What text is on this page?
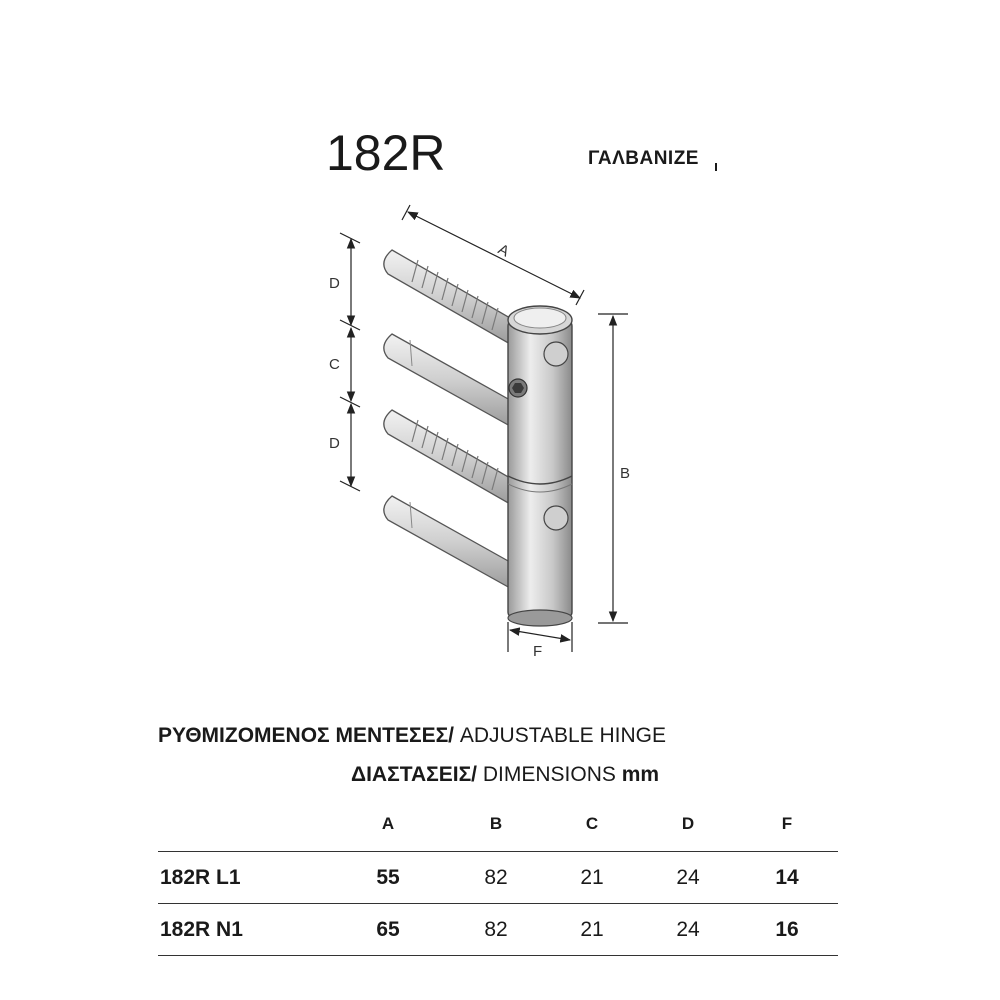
182R	ΓΑΛΒΑΝΙΖΕ
A
B
D
C
D
F
ΡΥΘΜΙΖΟΜΕΝΟΣ ΜΕΝΤΕΣΕΣ/ ADJUSTABLE HINGE
ΔΙΑΣΤΑΣΕΙΣ/ DIMENSIONS mm
	A	B	C	D	F
182R L1	55	82	21	24	14
182R N1	65	82	21	24	16
